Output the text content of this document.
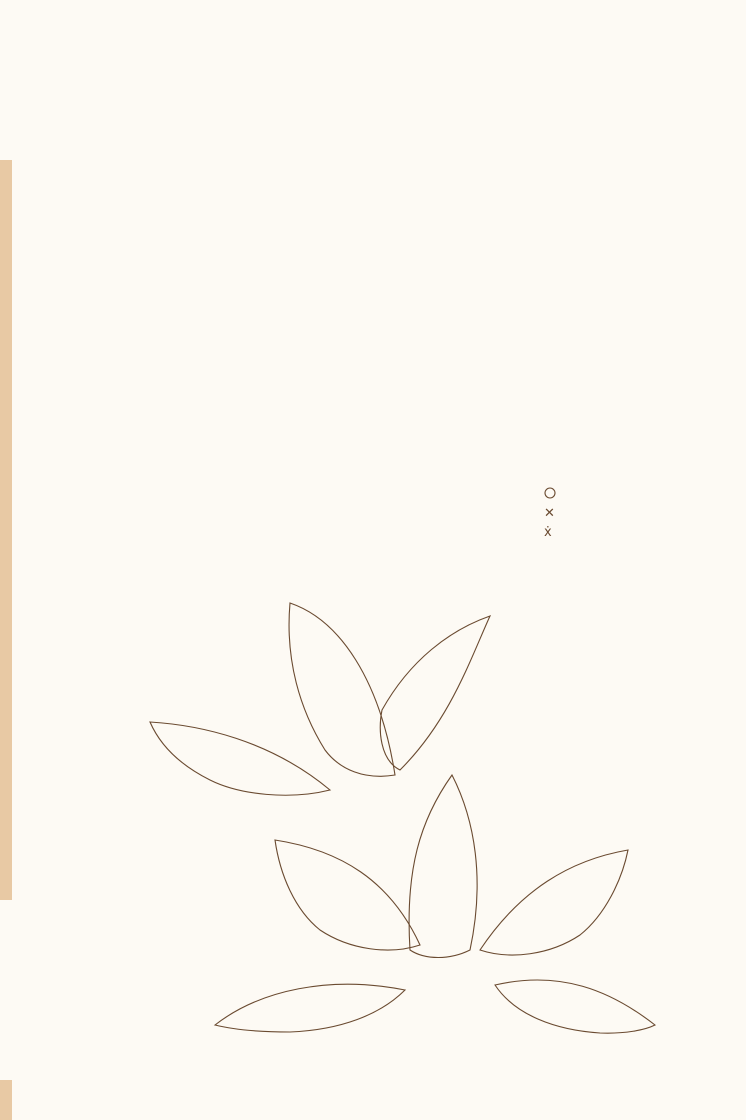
✕
ẋ
